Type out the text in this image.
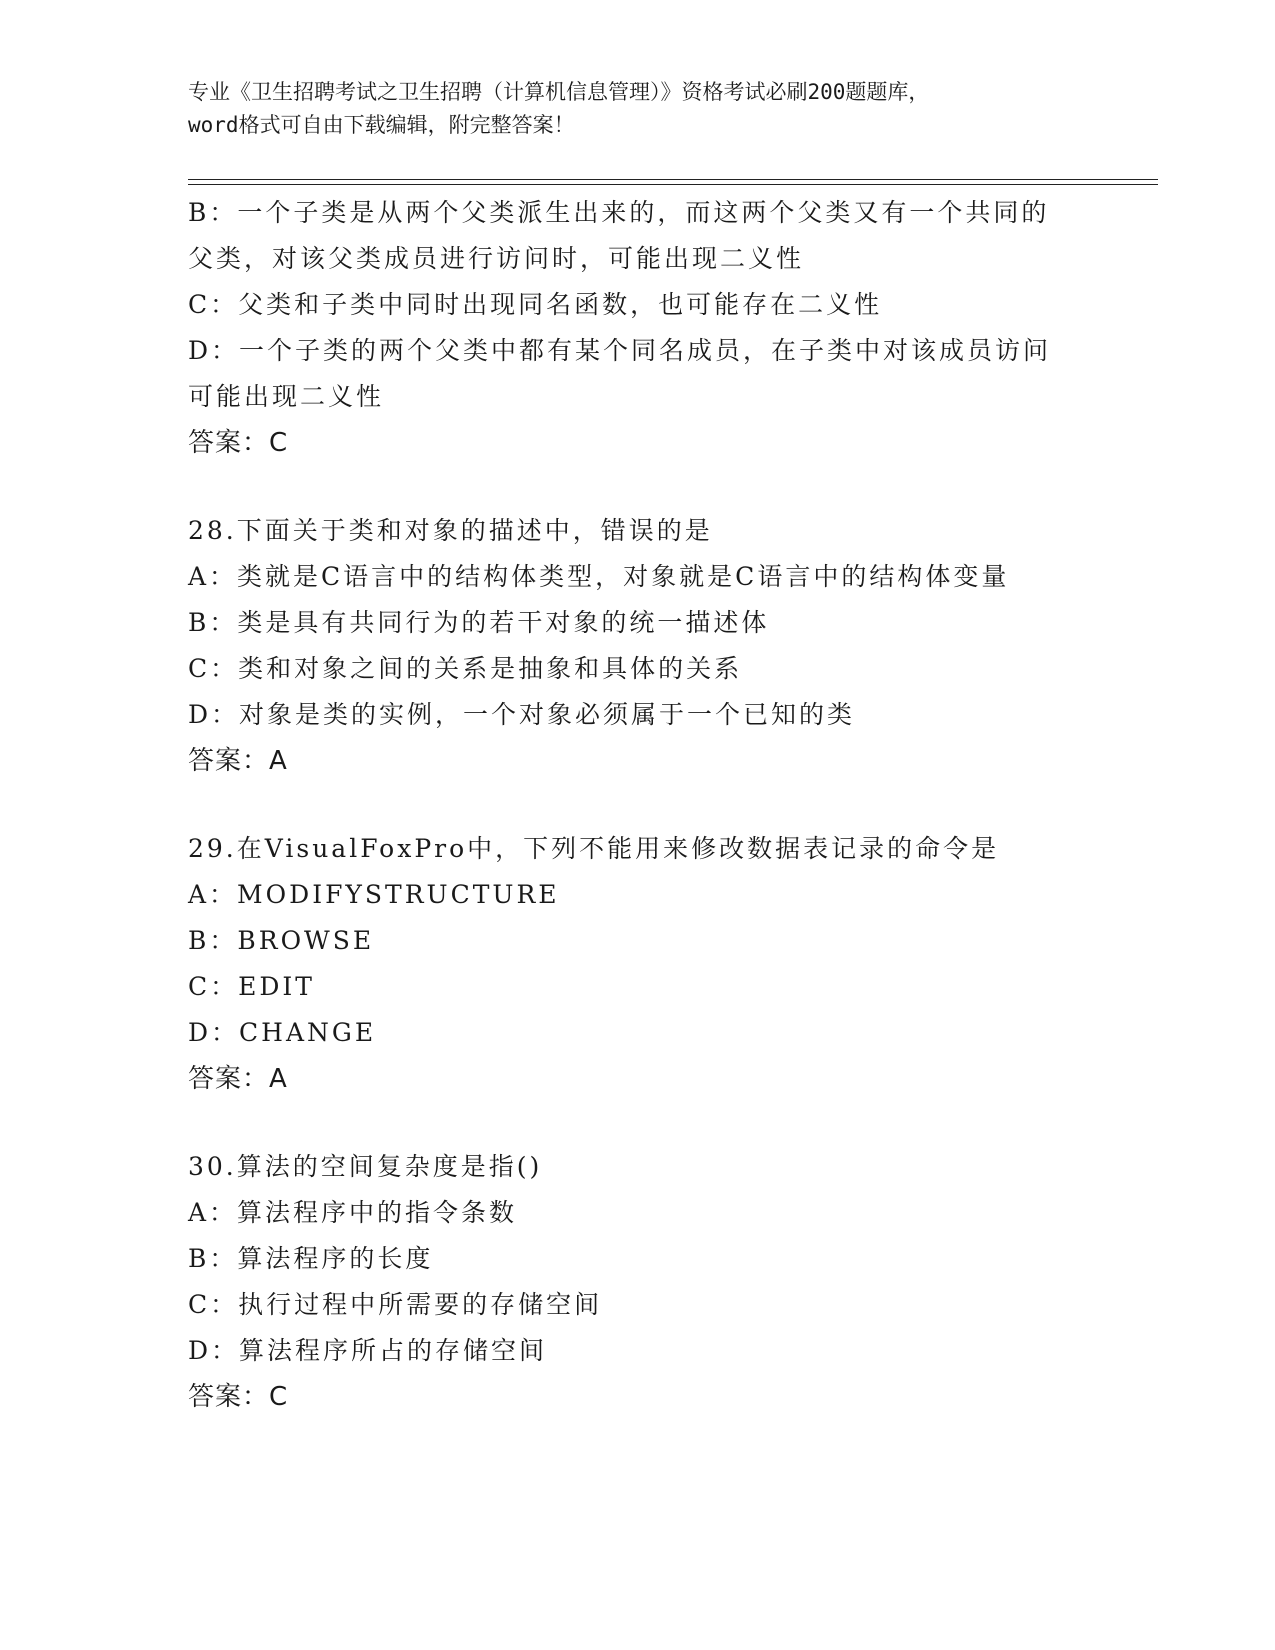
专业《卫生招聘考试之卫生招聘（计算机信息管理）》资格考试必刷200题题库，
word格式可自由下载编辑，附完整答案！
B：一个子类是从两个父类派生出来的，而这两个父类又有一个共同的
父类，对该父类成员进行访问时，可能出现二义性
C：父类和子类中同时出现同名函数，也可能存在二义性
D：一个子类的两个父类中都有某个同名成员，在子类中对该成员访问
可能出现二义性
答案：C
28.下面关于类和对象的描述中，错误的是
A：类就是C语言中的结构体类型，对象就是C语言中的结构体变量
B：类是具有共同行为的若干对象的统一描述体
C：类和对象之间的关系是抽象和具体的关系
D：对象是类的实例，一个对象必须属于一个已知的类
答案：A
29.在VisualFoxPro中，下列不能用来修改数据表记录的命令是
A：MODIFYSTRUCTURE
B：BROWSE
C：EDIT
D：CHANGE
答案：A
30.算法的空间复杂度是指()
A：算法程序中的指令条数
B：算法程序的长度
C：执行过程中所需要的存储空间
D：算法程序所占的存储空间
答案：C
